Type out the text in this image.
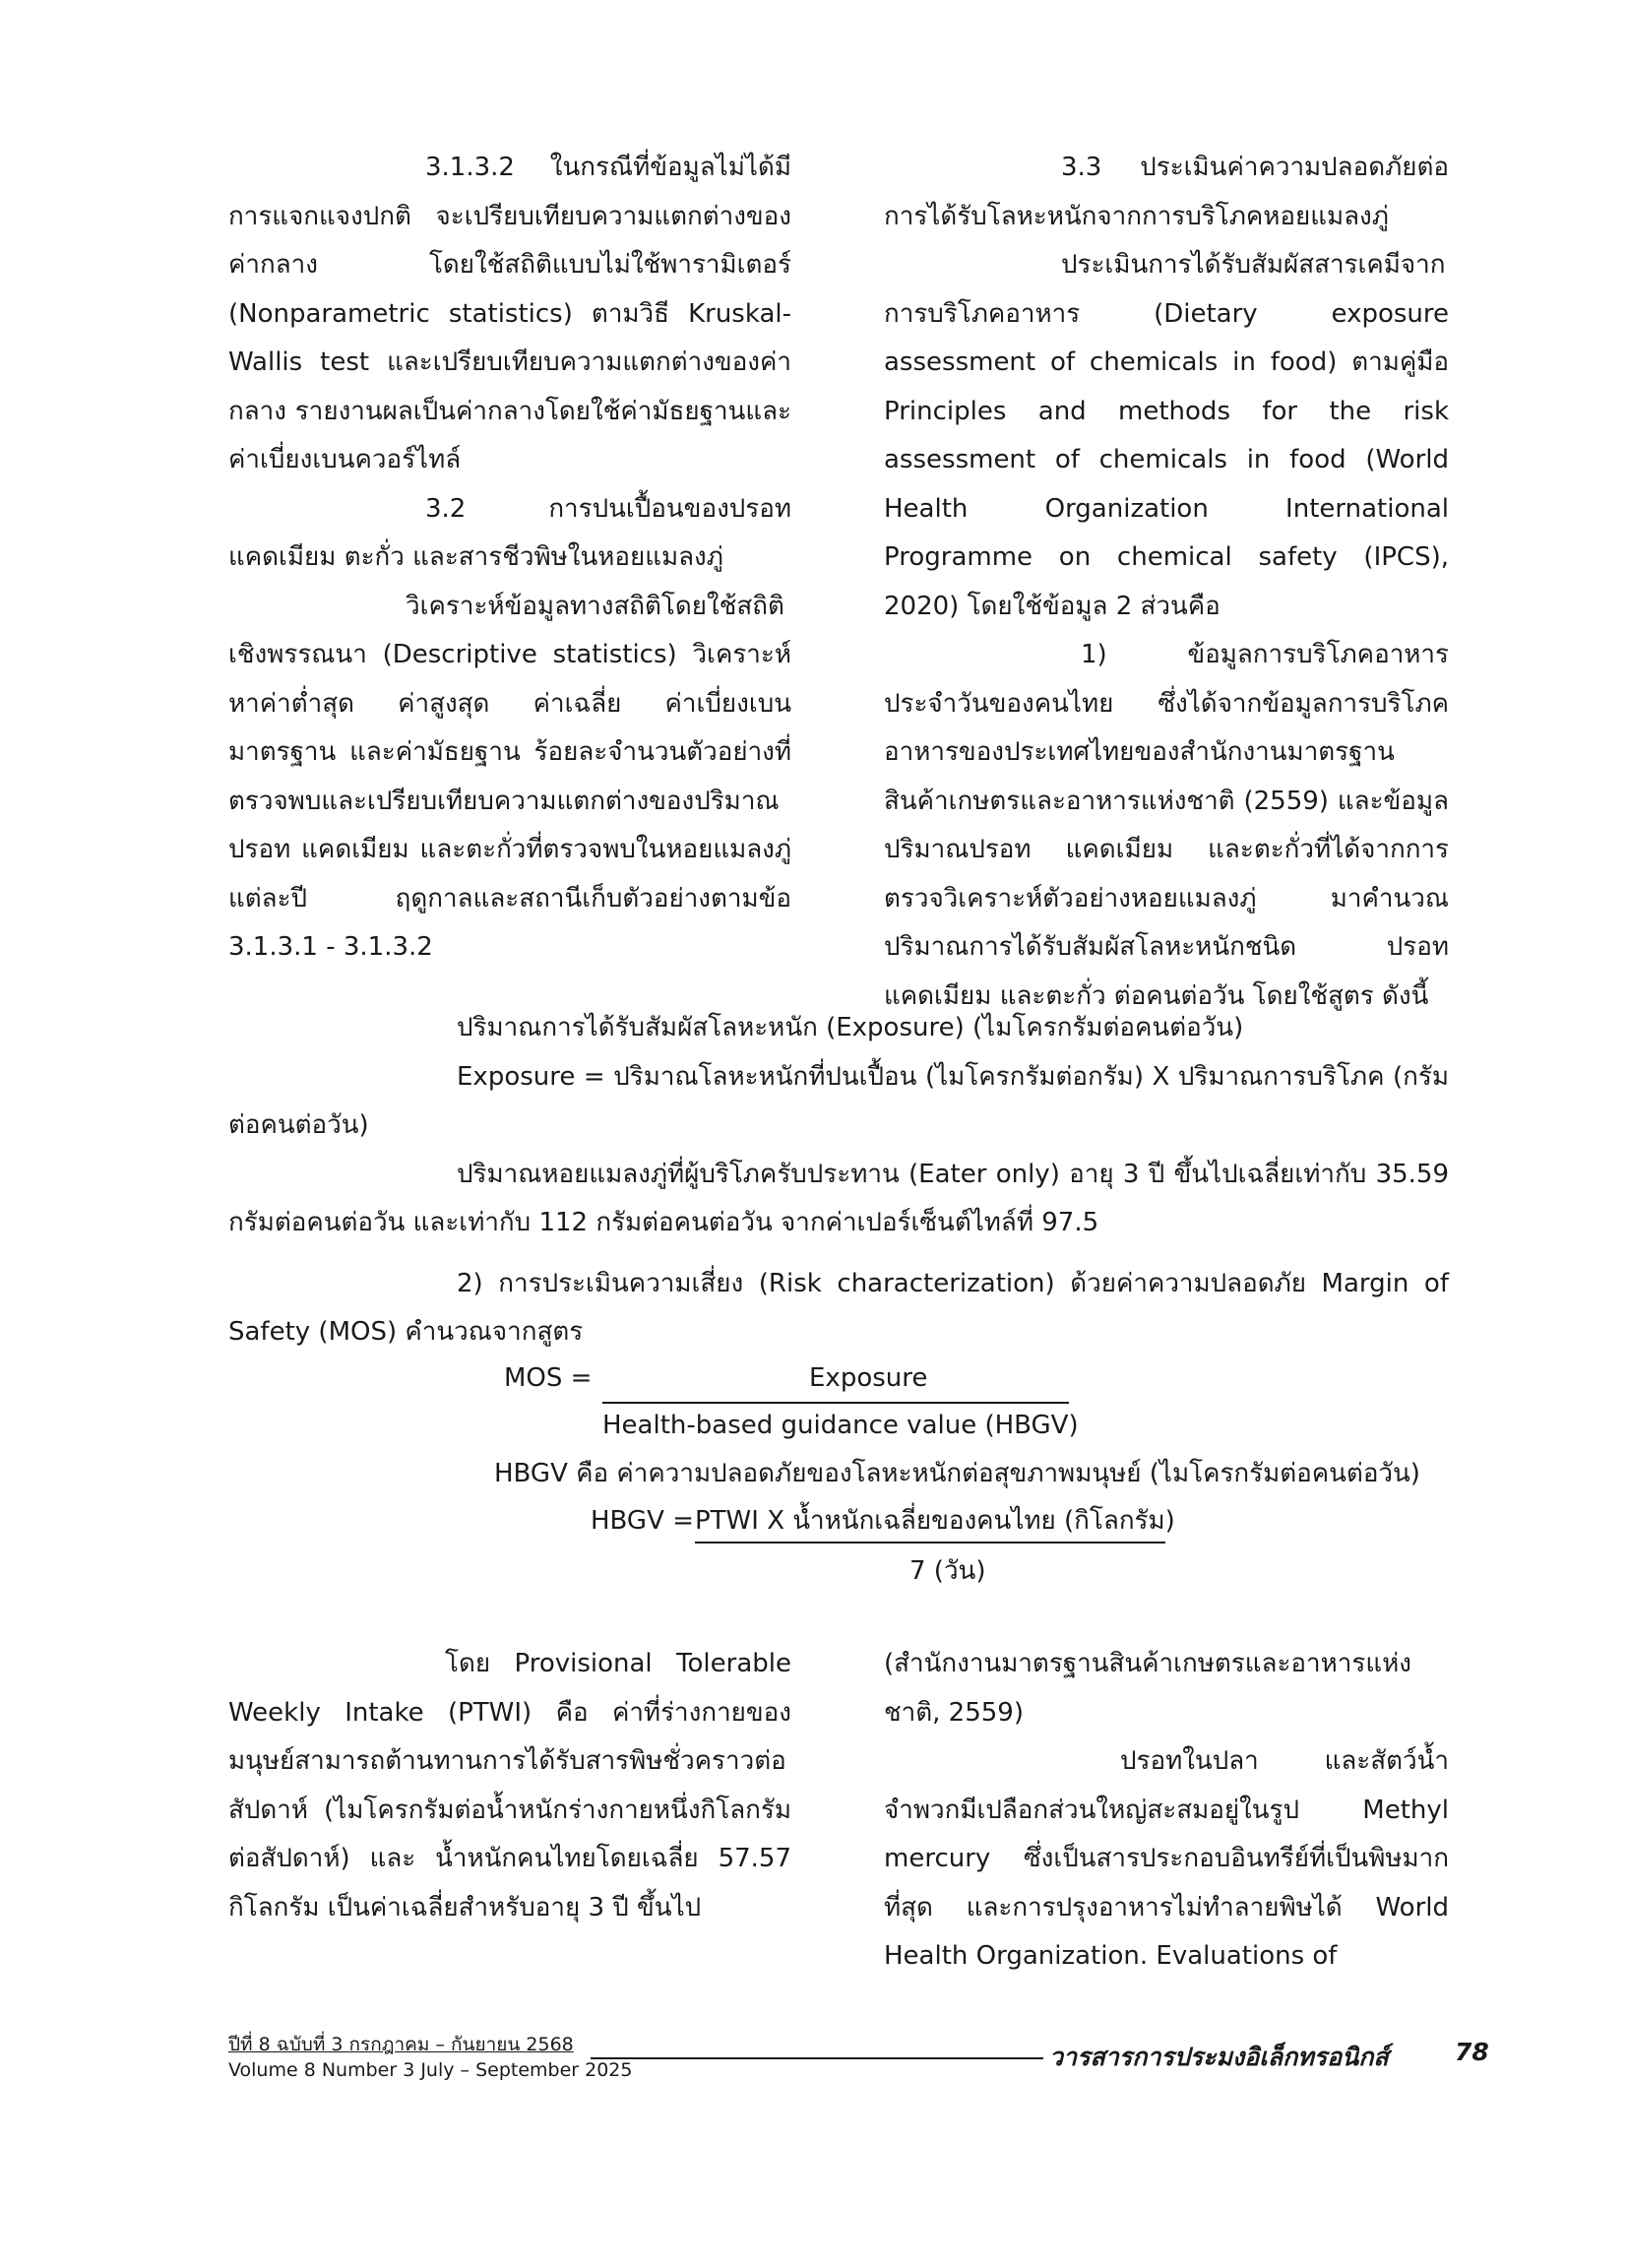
3.1.3.2 ในกรณีที่ข้อมูลไม่ได้มีการแจกแจงปกติ จะเปรียบเทียบความแตกต่างของค่ากลาง โดยใช้สถิติแบบไม่ใช้พารามิเตอร์ (Nonparametric statistics) ตามวิธี Kruskal-Wallis test และเปรียบเทียบความแตกต่างของค่ากลาง รายงานผลเป็นค่ากลางโดยใช้ค่ามัธยฐานและค่าเบี่ยงเบนควอร์ไทล์

3.2 การปนเปื้อนของปรอท แคดเมียม ตะกั่ว และสารชีวพิษในหอยแมลงภู่

วิเคราะห์ข้อมูลทางสถิติโดยใช้สถิติเชิงพรรณนา (Descriptive statistics) วิเคราะห์หาค่าต่ำสุด ค่าสูงสุด ค่าเฉลี่ย ค่าเบี่ยงเบนมาตรฐาน และค่ามัธยฐาน ร้อยละจำนวนตัวอย่างที่ตรวจพบและเปรียบเทียบความแตกต่างของปริมาณปรอท แคดเมียม และตะกั่วที่ตรวจพบในหอยแมลงภู่แต่ละปี ฤดูกาลและสถานีเก็บตัวอย่างตามข้อ 3.1.3.1 - 3.1.3.2

3.3 ประเมินค่าความปลอดภัยต่อการได้รับโลหะหนักจากการบริโภคหอยแมลงภู่

ประเมินการได้รับสัมผัสสารเคมีจากการบริโภคอาหาร (Dietary exposure assessment of chemicals in food) ตามคู่มือ Principles and methods for the risk assessment of chemicals in food (World Health Organization International Programme on chemical safety (IPCS), 2020) โดยใช้ข้อมูล 2 ส่วนคือ

1) ข้อมูลการบริโภคอาหารประจำวันของคนไทย ซึ่งได้จากข้อมูลการบริโภคอาหารของประเทศไทยของสำนักงานมาตรฐานสินค้าเกษตรและอาหารแห่งชาติ (2559) และข้อมูลปริมาณปรอท แคดเมียม และตะกั่วที่ได้จากการตรวจวิเคราะห์ตัวอย่างหอยแมลงภู่ มาคำนวณปริมาณการได้รับสัมผัสโลหะหนักชนิด ปรอท แคดเมียม และตะกั่ว ต่อคนต่อวัน โดยใช้สูตร ดังนี้

ปริมาณการได้รับสัมผัสโลหะหนัก (Exposure) (ไมโครกรัมต่อคนต่อวัน)

Exposure = ปริมาณโลหะหนักที่ปนเปื้อน (ไมโครกรัมต่อกรัม) X ปริมาณการบริโภค (กรัมต่อคนต่อวัน)

ปริมาณหอยแมลงภู่ที่ผู้บริโภครับประทาน (Eater only) อายุ 3 ปี ขึ้นไปเฉลี่ยเท่ากับ 35.59 กรัมต่อคนต่อวัน และเท่ากับ 112 กรัมต่อคนต่อวัน จากค่าเปอร์เซ็นต์ไทล์ที่ 97.5

2) การประเมินความเสี่ยง (Risk characterization) ด้วยค่าความปลอดภัย Margin of Safety (MOS) คำนวณจากสูตร

MOS =	Exposure
Health-based guidance value (HBGV)
HBGV คือ ค่าความปลอดภัยของโลหะหนักต่อสุขภาพมนุษย์ (ไมโครกรัมต่อคนต่อวัน)
HBGV = PTWI X น้ำหนักเฉลี่ยของคนไทย (กิโลกรัม)
7 (วัน)

โดย Provisional Tolerable Weekly Intake (PTWI) คือ ค่าที่ร่างกายของมนุษย์สามารถต้านทานการได้รับสารพิษชั่วคราวต่อสัปดาห์ (ไมโครกรัมต่อน้ำหนักร่างกายหนึ่งกิโลกรัมต่อสัปดาห์) และ น้ำหนักคนไทยโดยเฉลี่ย 57.57 กิโลกรัม เป็นค่าเฉลี่ยสำหรับอายุ 3 ปี ขึ้นไป

(สำนักงานมาตรฐานสินค้าเกษตรและอาหารแห่งชาติ, 2559)

ปรอทในปลา และสัตว์น้ำจำพวกมีเปลือกส่วนใหญ่สะสมอยู่ในรูป Methyl mercury ซึ่งเป็นสารประกอบอินทรีย์ที่เป็นพิษมากที่สุด และการปรุงอาหารไม่ทำลายพิษได้ World Health Organization. Evaluations of

ปีที่ 8 ฉบับที่ 3 กรกฎาคม – กันยายน 2568
Volume 8 Number 3 July – September 2025	วารสารการประมงอิเล็กทรอนิกส์	78
